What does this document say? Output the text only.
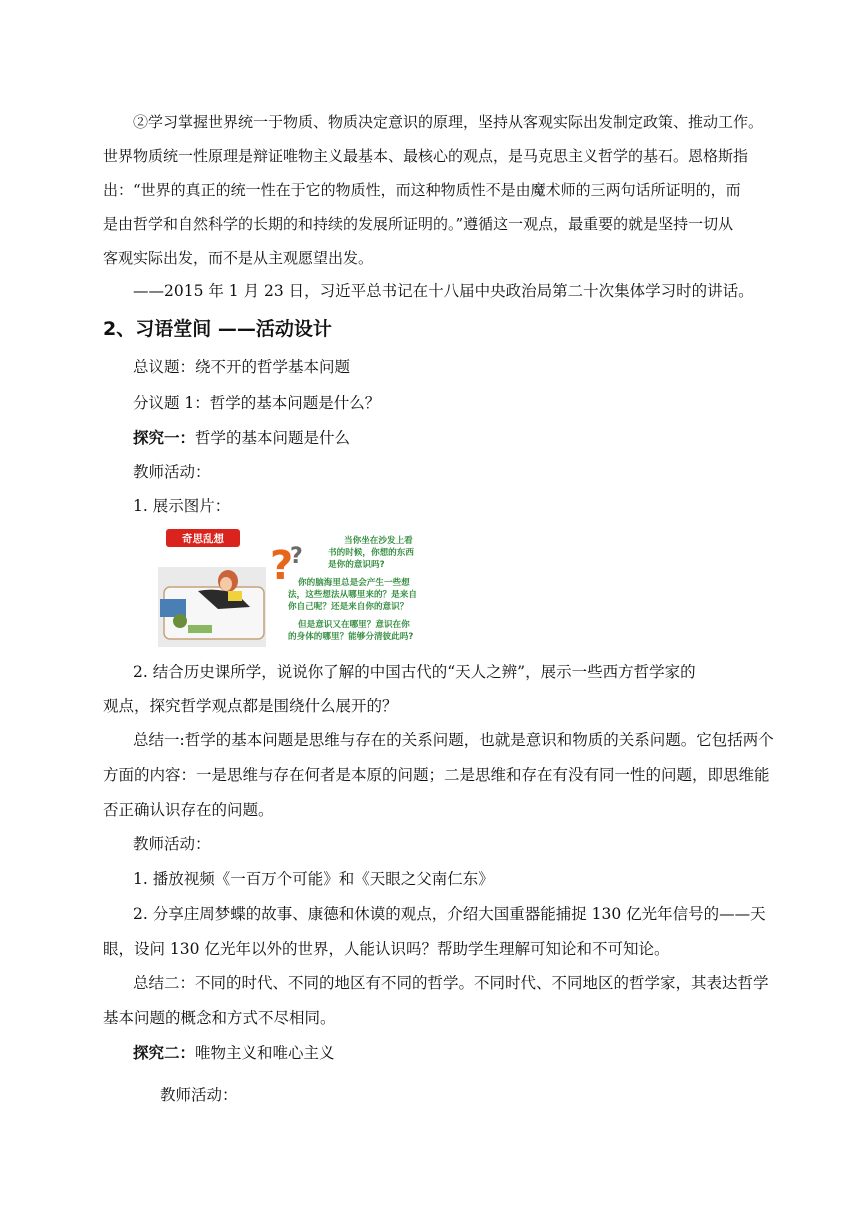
②学习掌握世界统一于物质、物质决定意识的原理，坚持从客观实际出发制定政策、推动工作。
世界物质统一性原理是辩证唯物主义最基本、最核心的观点，是马克思主义哲学的基石。恩格斯指
出：“世界的真正的统一性在于它的物质性，而这种物质性不是由魔术师的三两句话所证明的，而
是由哲学和自然科学的长期的和持续的发展所证明的。”遵循这一观点，最重要的就是坚持一切从
客观实际出发，而不是从主观愿望出发。
——2015 年 1 月 23 日，习近平总书记在十八届中央政治局第二十次集体学习时的讲话。
2、习语堂间 ——活动设计
总议题：绕不开的哲学基本问题
分议题 1：哲学的基本问题是什么？
探究一：哲学的基本问题是什么
教师活动：
1. 展示图片：
奇思乱想
?
?
当你坐在沙发上看
书的时候，你想的东西
是你的意识吗?
你的脑海里总是会产生一些想
法，这些想法从哪里来的？是来自
你自己呢？还是来自你的意识？
但是意识又在哪里？意识在你
的身体的哪里？能够分清彼此吗?
2. 结合历史课所学，说说你了解的中国古代的“天人之辨”，展示一些西方哲学家的
观点，探究哲学观点都是围绕什么展开的？
总结一:哲学的基本问题是思维与存在的关系问题，也就是意识和物质的关系问题。它包括两个
方面的内容：一是思维与存在何者是本原的问题；二是思维和存在有没有同一性的问题，即思维能
否正确认识存在的问题。
教师活动：
1. 播放视频《一百万个可能》和《天眼之父南仁东》
2. 分享庄周梦蝶的故事、康德和休谟的观点，介绍大国重器能捕捉 130 亿光年信号的——天
眼，设问 130 亿光年以外的世界，人能认识吗？帮助学生理解可知论和不可知论。
总结二：不同的时代、不同的地区有不同的哲学。不同时代、不同地区的哲学家，其表达哲学
基本问题的概念和方式不尽相同。
探究二：唯物主义和唯心主义
教师活动：
